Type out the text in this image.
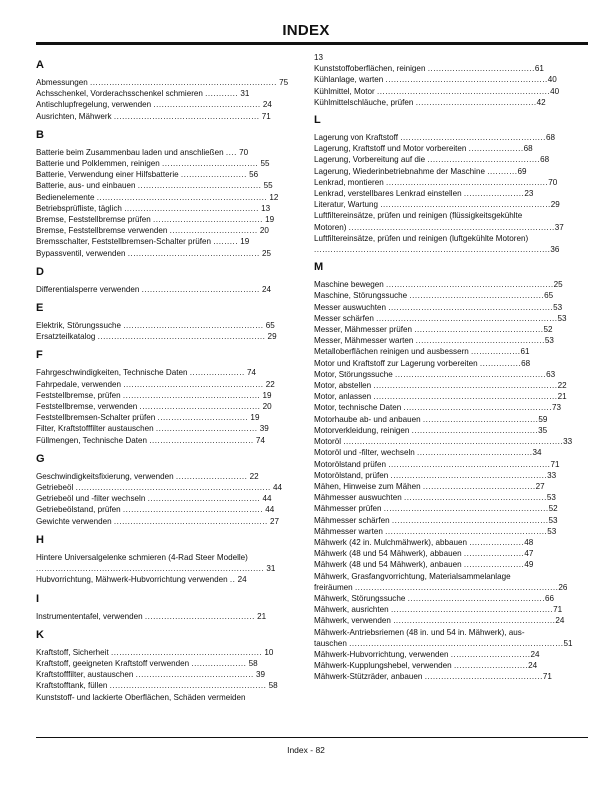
INDEX
A
Abmessungen .................................................................... 75
Achsschenkel, Vorderachsschenkel schmieren ............ 31
Antischlupfregelung, verwenden ....................................... 24
Ausrichten, Mähwerk ..................................................... 71
B
Batterie beim Zusammenbau laden und anschließen .... 70
Batterie und Polklemmen, reinigen ................................... 55
Batterie, Verwendung einer Hilfsbatterie ........................ 56
Batterie, aus- und einbauen ............................................. 55
Bedienelemente .............................................................. 12
Betriebsprüfliste, täglich ................................................. 13
Bremse, Feststellbremse prüfen ........................................ 19
Bremse, Feststellbremse verwenden ................................ 20
Bremsschalter, Feststellbremsen-Schalter prüfen ......... 19
Bypassventil, verwenden ................................................ 25
D
Differentialsperre verwenden ........................................... 24
E
Elektrik, Störungssuche ................................................... 65
Ersatzteilkatalog ............................................................. 29
F
Fahrgeschwindigkeiten, Technische Daten .................... 74
Fahrpedale, verwenden ................................................... 22
Feststellbremse, prüfen .................................................. 19
Feststellbremse, verwenden ............................................ 20
Feststellbremsen-Schalter prüfen ................................. 19
Filter, Kraftstofffilter austauschen ..................................... 39
Füllmengen, Technische Daten ...................................... 74
G
Geschwindigkeitsfixierung, verwenden .......................... 22
Getriebeöl ....................................................................... 44
Getriebeöl und -filter wechseln ......................................... 44
Getriebeölstand, prüfen ................................................... 44
Gewichte verwenden ........................................................ 27
H
Hintere Universalgelenke schmieren (4-Rad Steer Modelle)
................................................................................... 31
Hubvorrichtung, Mähwerk-Hubvorrichtung verwenden .. 24
I
Instrumententafel, verwenden ........................................ 21
K
Kraftstoff, Sicherheit ....................................................... 10
Kraftstoff, geeigneten Kraftstoff verwenden .................... 58
Kraftstofffilter, austauschen ........................................... 39
Kraftstofftank, füllen ......................................................... 58
Kunststoff- und lackierte Oberflächen, Schäden vermeiden
13
Kunststoffoberflächen, reinigen .......................................61
Kühlanlage, warten ...........................................................40
Kühlmittel, Motor ...............................................................40
Kühlmittelschläuche, prüfen ............................................42
L
Lagerung von Kraftstoff .....................................................68
Lagerung, Kraftstoff und Motor vorbereiten ....................68
Lagerung, Vorbereitung auf die .........................................68
Lagerung, Wiederinbetriebnahme der Maschine ...........69
Lenkrad, montieren ...........................................................70
Lenkrad, verstellbares Lenkrad einstellen ......................23
Literatur, Wartung ..............................................................29
Luftfiltereinsätze, prüfen und reinigen (flüssigkeitsgekühlte
Motoren) ...........................................................................37
Luftfiltereinsätze, prüfen und reinigen (luftgekühlte Motoren)
......................................................................................36
M
Maschine bewegen .............................................................25
Maschine, Störungssuche .................................................65
Messer auswuchten ............................................................53
Messer schärfen ..................................................................53
Messer, Mähmesser prüfen ...............................................52
Messer, Mähmesser warten ...............................................53
Metalloberflächen reinigen und ausbessern ..................61
Motor und Kraftstoff zur Lagerung vorbereiten ...............68
Motor, Störungssuche .......................................................63
Motor, abstellen ...................................................................22
Motor, anlassen ...................................................................21
Motor, technische Daten ......................................................73
Motorhaube ab- und anbauen ..........................................59
Motorverkleidung, reinigen ..............................................35
Motoröl ................................................................................33
Motoröl und -filter, wechseln ..........................................34
Motorölstand prüfen ...........................................................71
Motorölstand, prüfen .........................................................33
Mähen, Hinweise zum Mähen .........................................27
Mähmesser auswuchten ....................................................53
Mähmesser prüfen ............................................................52
Mähmesser schärfen .........................................................53
Mähmesser warten ...........................................................53
Mähwerk (42 in. Mulchmähwerk), abbauen ....................48
Mähwerk (48 und 54 Mähwerk), abbauen ......................47
Mähwerk (48 und 54 Mähwerk), anbauen ......................49
Mähwerk, Grasfangvorrichtung, Materialsammelanlage
freiräumen ..........................................................................26
Mähwerk, Störungssuche ..................................................66
Mähwerk, ausrichten ...........................................................71
Mähwerk, verwenden ...........................................................24
Mähwerk-Antriebsriemen (48 in. und 54 in. Mähwerk), aus-
tauschen ..............................................................................51
Mähwerk-Hubvorrichtung, verwenden .............................24
Mähwerk-Kupplungshebel, verwenden ...........................24
Mähwerk-Stützräder, anbauen ...........................................71
Index - 82
